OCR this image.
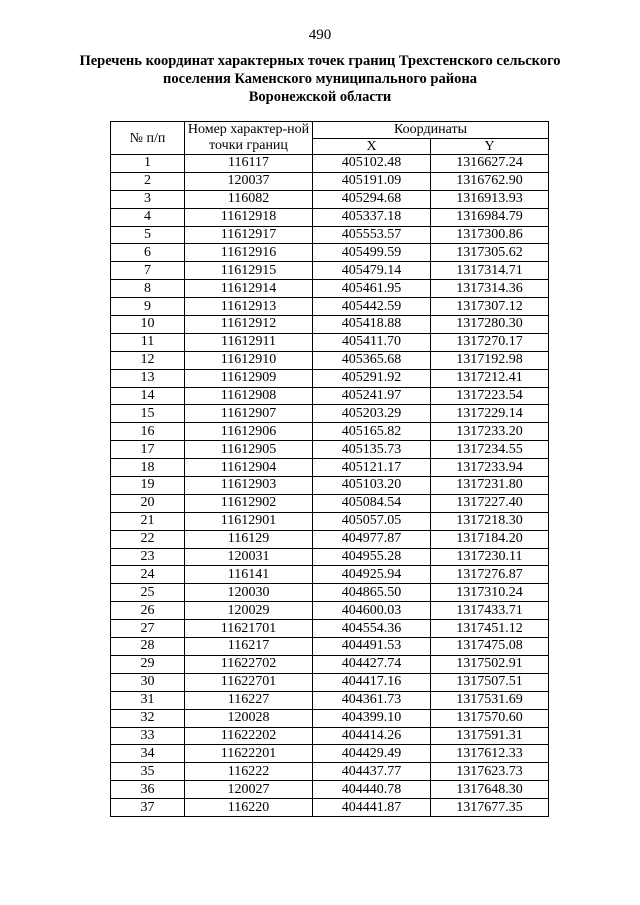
490
Перечень координат характерных точек границ Трехстенского сельского
поселения Каменского муниципального района
Воронежской области
№ п/п	Номер характер-ной точки границ	Координаты	
		X	Y
1	116117	405102.48	1316627.24
2	120037	405191.09	1316762.90
3	116082	405294.68	1316913.93
4	11612918	405337.18	1316984.79
5	11612917	405553.57	1317300.86
6	11612916	405499.59	1317305.62
7	11612915	405479.14	1317314.71
8	11612914	405461.95	1317314.36
9	11612913	405442.59	1317307.12
10	11612912	405418.88	1317280.30
11	11612911	405411.70	1317270.17
12	11612910	405365.68	1317192.98
13	11612909	405291.92	1317212.41
14	11612908	405241.97	1317223.54
15	11612907	405203.29	1317229.14
16	11612906	405165.82	1317233.20
17	11612905	405135.73	1317234.55
18	11612904	405121.17	1317233.94
19	11612903	405103.20	1317231.80
20	11612902	405084.54	1317227.40
21	11612901	405057.05	1317218.30
22	116129	404977.87	1317184.20
23	120031	404955.28	1317230.11
24	116141	404925.94	1317276.87
25	120030	404865.50	1317310.24
26	120029	404600.03	1317433.71
27	11621701	404554.36	1317451.12
28	116217	404491.53	1317475.08
29	11622702	404427.74	1317502.91
30	11622701	404417.16	1317507.51
31	116227	404361.73	1317531.69
32	120028	404399.10	1317570.60
33	11622202	404414.26	1317591.31
34	11622201	404429.49	1317612.33
35	116222	404437.77	1317623.73
36	120027	404440.78	1317648.30
37	116220	404441.87	1317677.35
